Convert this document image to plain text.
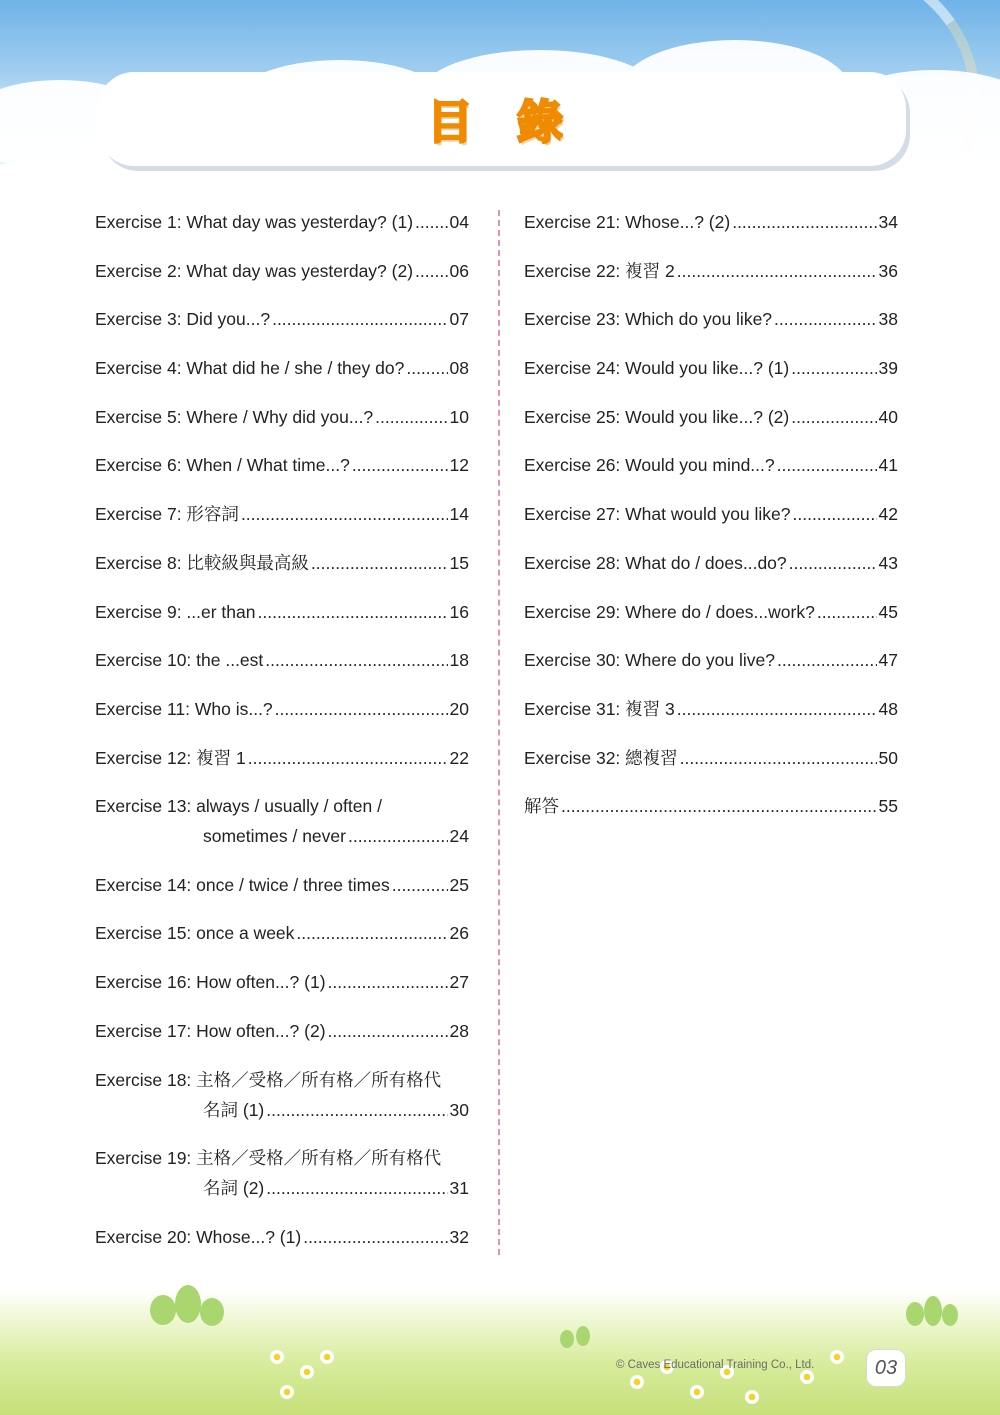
目 錄
Exercise 1: What day was yesterday? (1) ..... 04
Exercise 2: What day was yesterday? (2) ..... 06
Exercise 3: Did you...? .....	07
Exercise 4: What did he / she / they do? .....	08
Exercise 5: Where / Why did you...? .....	10
Exercise 6: When / What time...? .....	12
Exercise 7: 形容詞 .....	14
Exercise 8: 比較級與最高級 .....	15
Exercise 9: ...er than .....	16
Exercise 10: the ...est .....	18
Exercise 11: Who is...? .....	20
Exercise 12: 複習 1 .....	22
Exercise 13: always / usually / often /
sometimes / never .....	24
Exercise 14: once / twice / three times .....	25
Exercise 15: once a week .....	26
Exercise 16: How often...? (1) .....	27
Exercise 17: How often...? (2) .....	28
Exercise 18: 主格／受格／所有格／所有格代
名詞 (1) .....	30
Exercise 19: 主格／受格／所有格／所有格代
名詞 (2) .....	31
Exercise 20: Whose...? (1) .....	32
Exercise 21: Whose...? (2) .....	34
Exercise 22: 複習 2 .....	36
Exercise 23: Which do you like? .....	38
Exercise 24: Would you like...? (1) .....	39
Exercise 25: Would you like...? (2) .....	40
Exercise 26: Would you mind...? .....	41
Exercise 27: What would you like? .....	42
Exercise 28: What do / does...do? .....	43
Exercise 29: Where do / does...work? .....	45
Exercise 30: Where do you live? .....	47
Exercise 31: 複習 3 .....	48
Exercise 32: 總複習 .....	50
解答 .....	55
© Caves Educational Training Co., Ltd.	03
